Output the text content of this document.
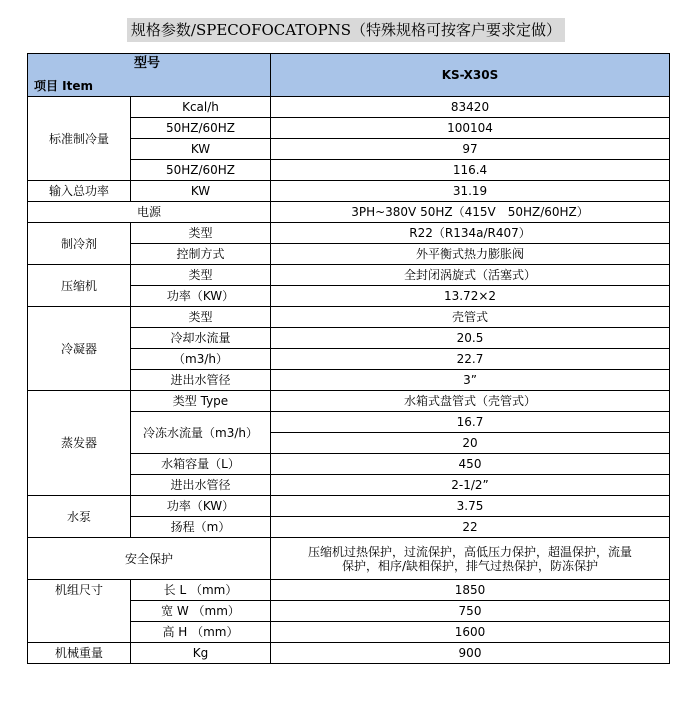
规格参数/SPECOFOCATOPNS（特殊规格可按客户要求定做）
型号
项目 Item		KS-X30S
标准制冷量	Kcal/h	83420
	50HZ/60HZ	100104
	KW	97
	50HZ/60HZ	116.4
输入总功率	KW	31.19
电源		3PH~380V 50HZ（415V　50HZ/60HZ）
制冷剂	类型	R22（R134a/R407）
	控制方式	外平衡式热力膨胀阀
压缩机	类型	全封闭涡旋式（活塞式）
	功率（KW）	13.72×2
冷凝器	类型	壳管式
	冷却水流量	20.5
	（m3/h）	22.7
	进出水管径	3”
蒸发器	类型 Type	水箱式盘管式（壳管式）
	冷冻水流量（m3/h）	16.7
		20
	水箱容量（L）	450
	进出水管径	2-1/2”
水泵	功率（KW）	3.75
	扬程（m）	22
安全保护		压缩机过热保护，过流保护，高低压力保护，超温保护，流量
保护，相序/缺相保护，排气过热保护，防冻保护

机组尺寸	长 L （mm）	1850
	宽 W （mm）	750
	高 H （mm）	1600
机械重量	Kg	900
